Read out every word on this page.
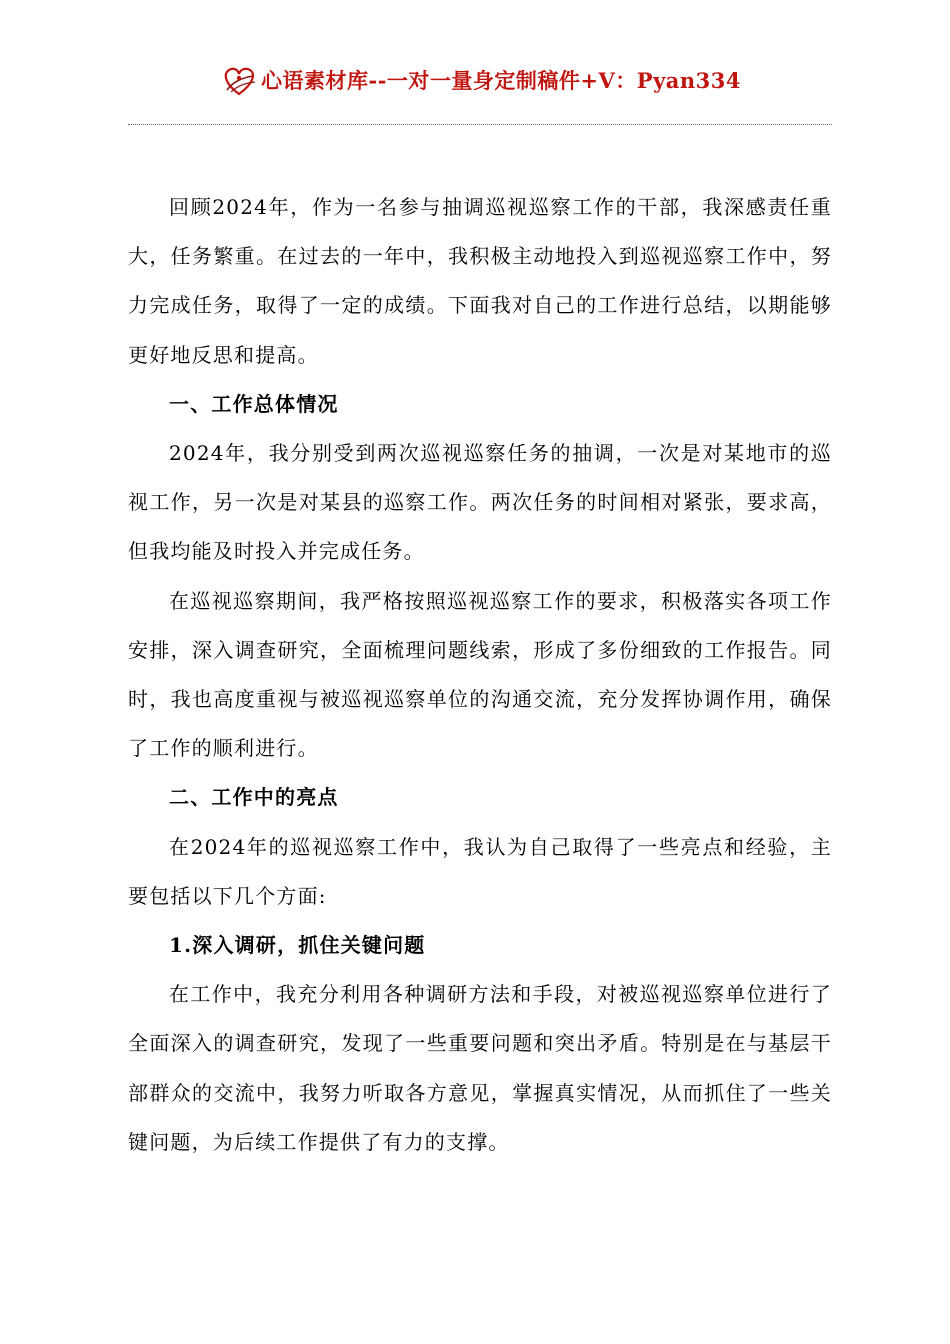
心语素材库--一对一量身定制稿件+V：Pyan334

回顾2024年，作为一名参与抽调巡视巡察工作的干部，我深感责任重大，任务繁重。在过去的一年中，我积极主动地投入到巡视巡察工作中，努力完成任务，取得了一定的成绩。下面我对自己的工作进行总结，以期能够更好地反思和提高。

一、工作总体情况

2024年，我分别受到两次巡视巡察任务的抽调，一次是对某地市的巡视工作，另一次是对某县的巡察工作。两次任务的时间相对紧张，要求高，但我均能及时投入并完成任务。

在巡视巡察期间，我严格按照巡视巡察工作的要求，积极落实各项工作安排，深入调查研究，全面梳理问题线索，形成了多份细致的工作报告。同时，我也高度重视与被巡视巡察单位的沟通交流，充分发挥协调作用，确保了工作的顺利进行。

二、工作中的亮点

在2024年的巡视巡察工作中，我认为自己取得了一些亮点和经验，主要包括以下几个方面:

1.深入调研，抓住关键问题

在工作中，我充分利用各种调研方法和手段，对被巡视巡察单位进行了全面深入的调查研究，发现了一些重要问题和突出矛盾。特别是在与基层干部群众的交流中，我努力听取各方意见，掌握真实情况，从而抓住了一些关键问题，为后续工作提供了有力的支撑。
